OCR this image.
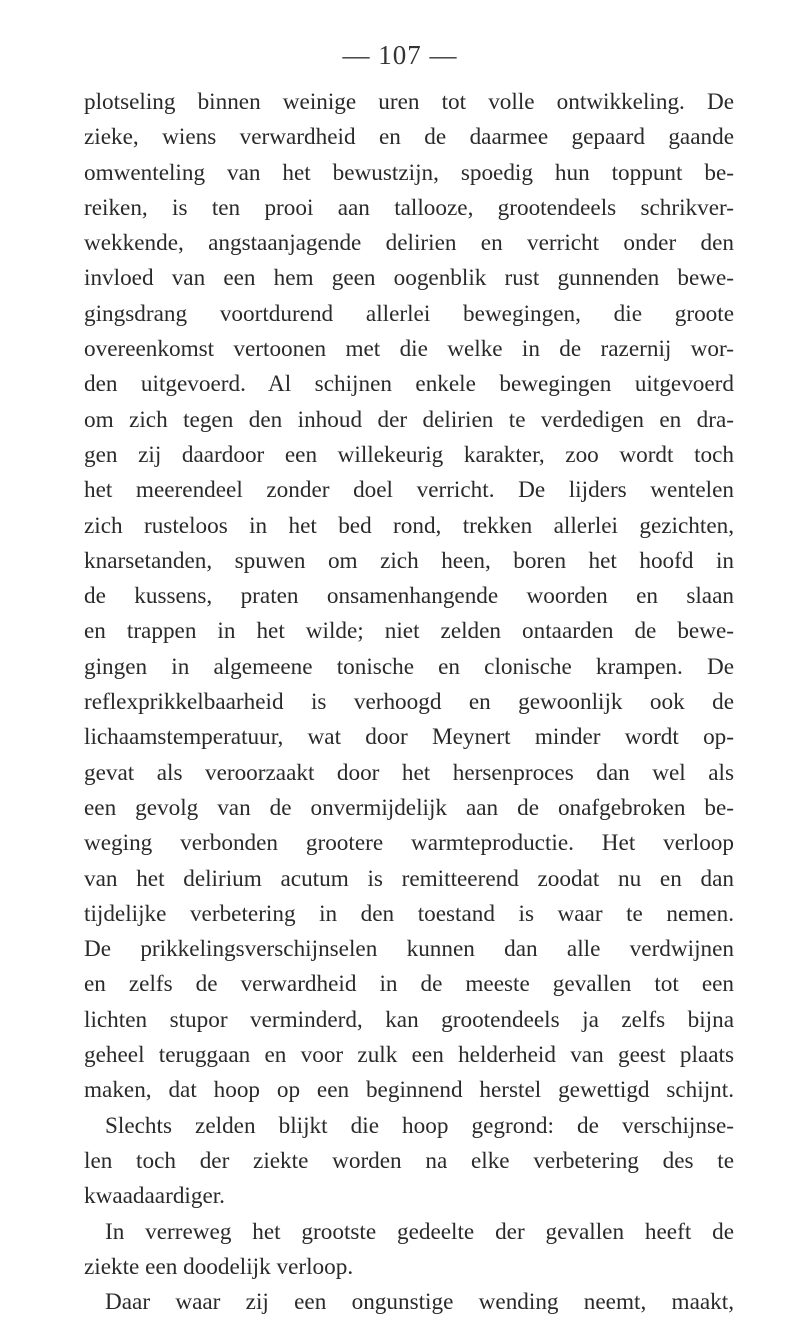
— 107 —
plotseling binnen weinige uren tot volle ontwikkeling. De
zieke, wiens verwardheid en de daarmee gepaard gaande
omwenteling van het bewustzijn, spoedig hun toppunt be-
reiken, is ten prooi aan tallooze, grootendeels schrikver-
wekkende, angstaanjagende delirien en verricht onder den
invloed van een hem geen oogenblik rust gunnenden bewe-
gingsdrang voortdurend allerlei bewegingen, die groote
overeenkomst vertoonen met die welke in de razernij wor-
den uitgevoerd. Al schijnen enkele bewegingen uitgevoerd
om zich tegen den inhoud der delirien te verdedigen en dra-
gen zij daardoor een willekeurig karakter, zoo wordt toch
het meerendeel zonder doel verricht. De lijders wentelen
zich rusteloos in het bed rond, trekken allerlei gezichten,
knarsetanden, spuwen om zich heen, boren het hoofd in
de kussens, praten onsamenhangende woorden en slaan
en trappen in het wilde; niet zelden ontaarden de bewe-
gingen in algemeene tonische en clonische krampen. De
reflexprikkelbaarheid is verhoogd en gewoonlijk ook de
lichaamstemperatuur, wat door Meynert minder wordt op-
gevat als veroorzaakt door het hersenproces dan wel als
een gevolg van de onvermijdelijk aan de onafgebroken be-
weging verbonden grootere warmteproductie. Het verloop
van het delirium acutum is remitteerend zoodat nu en dan
tijdelijke verbetering in den toestand is waar te nemen.
De prikkelingsverschijnselen kunnen dan alle verdwijnen
en zelfs de verwardheid in de meeste gevallen tot een
lichten stupor verminderd, kan grootendeels ja zelfs bijna
geheel teruggaan en voor zulk een helderheid van geest plaats
maken, dat hoop op een beginnend herstel gewettigd schijnt.
Slechts zelden blijkt die hoop gegrond: de verschijnse-
len toch der ziekte worden na elke verbetering des te
kwaadaardiger.
In verreweg het grootste gedeelte der gevallen heeft de
ziekte een doodelijk verloop.
Daar waar zij een ongunstige wending neemt, maakt,
